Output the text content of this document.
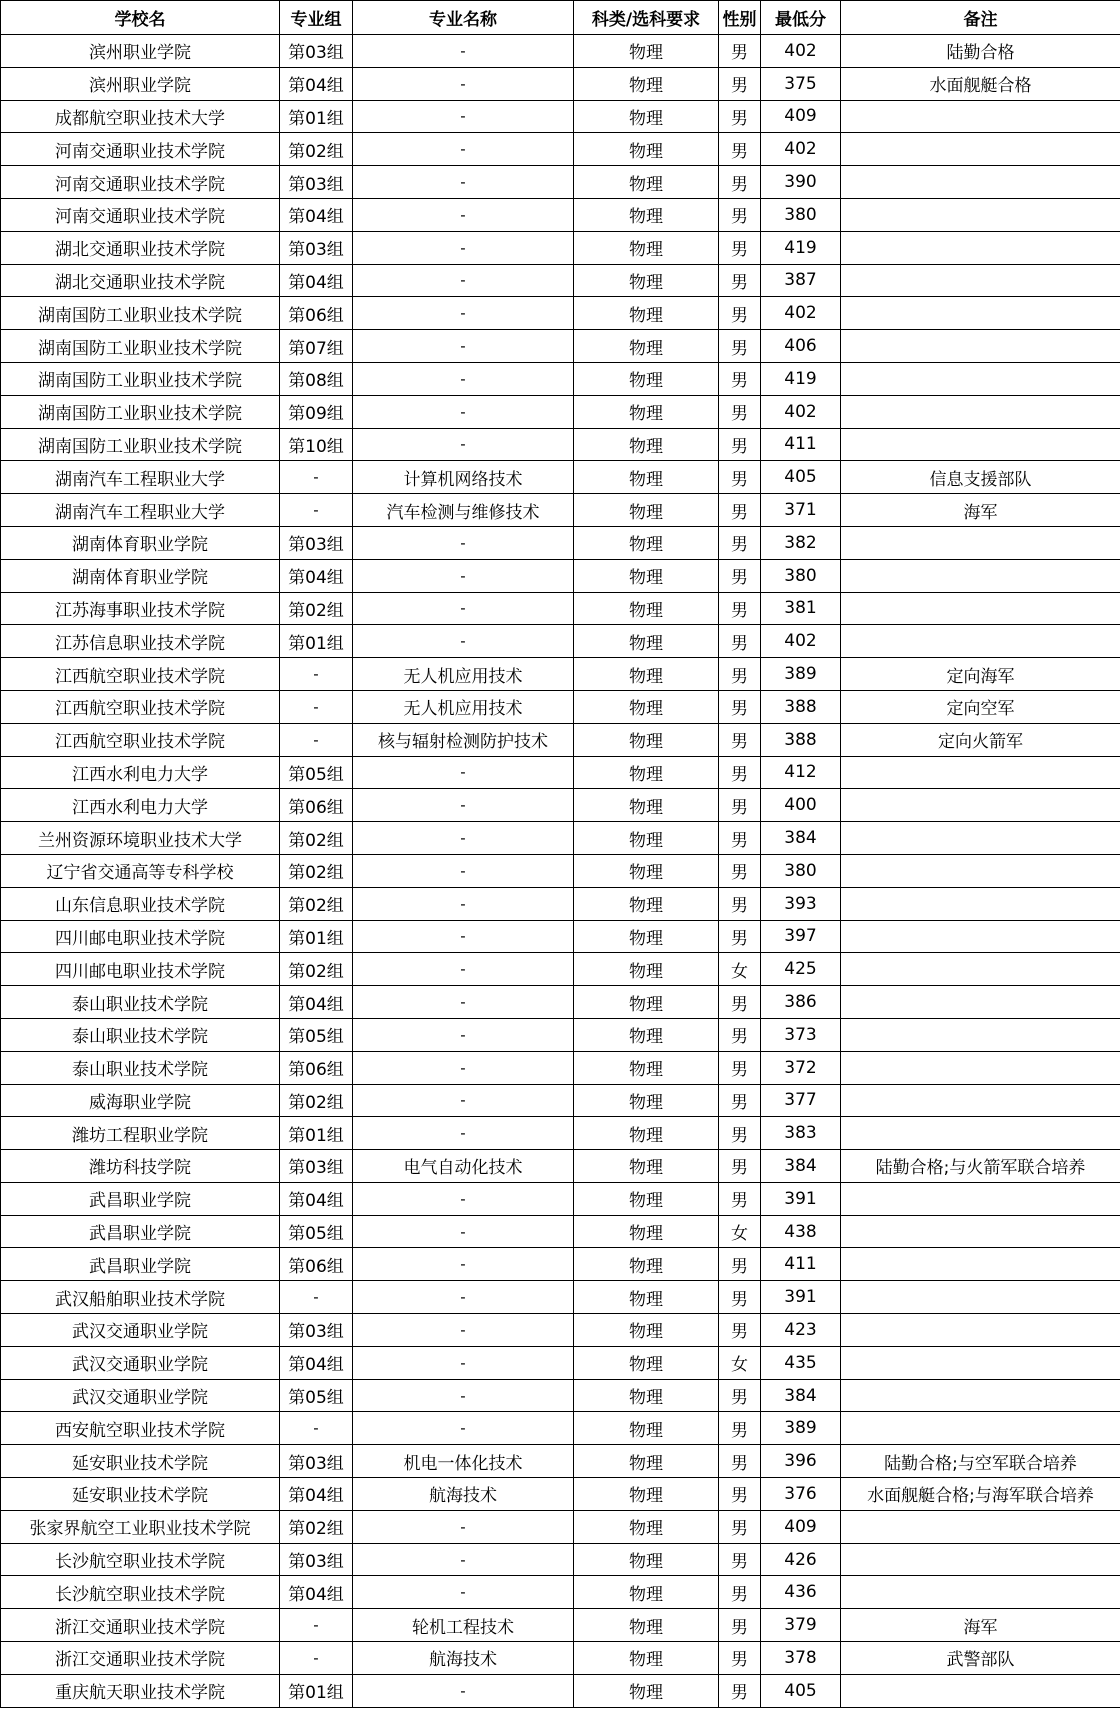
学校名	专业组	专业名称	科类/选科要求	性别	最低分	备注
滨州职业学院	第03组	-	物理	男	402	陆勤合格
滨州职业学院	第04组	-	物理	男	375	水面舰艇合格
成都航空职业技术大学	第01组	-	物理	男	409	
河南交通职业技术学院	第02组	-	物理	男	402	
河南交通职业技术学院	第03组	-	物理	男	390	
河南交通职业技术学院	第04组	-	物理	男	380	
湖北交通职业技术学院	第03组	-	物理	男	419	
湖北交通职业技术学院	第04组	-	物理	男	387	
湖南国防工业职业技术学院	第06组	-	物理	男	402	
湖南国防工业职业技术学院	第07组	-	物理	男	406	
湖南国防工业职业技术学院	第08组	-	物理	男	419	
湖南国防工业职业技术学院	第09组	-	物理	男	402	
湖南国防工业职业技术学院	第10组	-	物理	男	411	
湖南汽车工程职业大学	-	计算机网络技术	物理	男	405	信息支援部队
湖南汽车工程职业大学	-	汽车检测与维修技术	物理	男	371	海军
湖南体育职业学院	第03组	-	物理	男	382	
湖南体育职业学院	第04组	-	物理	男	380	
江苏海事职业技术学院	第02组	-	物理	男	381	
江苏信息职业技术学院	第01组	-	物理	男	402	
江西航空职业技术学院	-	无人机应用技术	物理	男	389	定向海军
江西航空职业技术学院	-	无人机应用技术	物理	男	388	定向空军
江西航空职业技术学院	-	核与辐射检测防护技术	物理	男	388	定向火箭军
江西水利电力大学	第05组	-	物理	男	412	
江西水利电力大学	第06组	-	物理	男	400	
兰州资源环境职业技术大学	第02组	-	物理	男	384	
辽宁省交通高等专科学校	第02组	-	物理	男	380	
山东信息职业技术学院	第02组	-	物理	男	393	
四川邮电职业技术学院	第01组	-	物理	男	397	
四川邮电职业技术学院	第02组	-	物理	女	425	
泰山职业技术学院	第04组	-	物理	男	386	
泰山职业技术学院	第05组	-	物理	男	373	
泰山职业技术学院	第06组	-	物理	男	372	
威海职业学院	第02组	-	物理	男	377	
潍坊工程职业学院	第01组	-	物理	男	383	
潍坊科技学院	第03组	电气自动化技术	物理	男	384	陆勤合格;与火箭军联合培养
武昌职业学院	第04组	-	物理	男	391	
武昌职业学院	第05组	-	物理	女	438	
武昌职业学院	第06组	-	物理	男	411	
武汉船舶职业技术学院	-	-	物理	男	391	
武汉交通职业学院	第03组	-	物理	男	423	
武汉交通职业学院	第04组	-	物理	女	435	
武汉交通职业学院	第05组	-	物理	男	384	
西安航空职业技术学院	-	-	物理	男	389	
延安职业技术学院	第03组	机电一体化技术	物理	男	396	陆勤合格;与空军联合培养
延安职业技术学院	第04组	航海技术	物理	男	376	水面舰艇合格;与海军联合培养
张家界航空工业职业技术学院	第02组	-	物理	男	409	
长沙航空职业技术学院	第03组	-	物理	男	426	
长沙航空职业技术学院	第04组	-	物理	男	436	
浙江交通职业技术学院	-	轮机工程技术	物理	男	379	海军
浙江交通职业技术学院	-	航海技术	物理	男	378	武警部队
重庆航天职业技术学院	第01组	-	物理	男	405	
